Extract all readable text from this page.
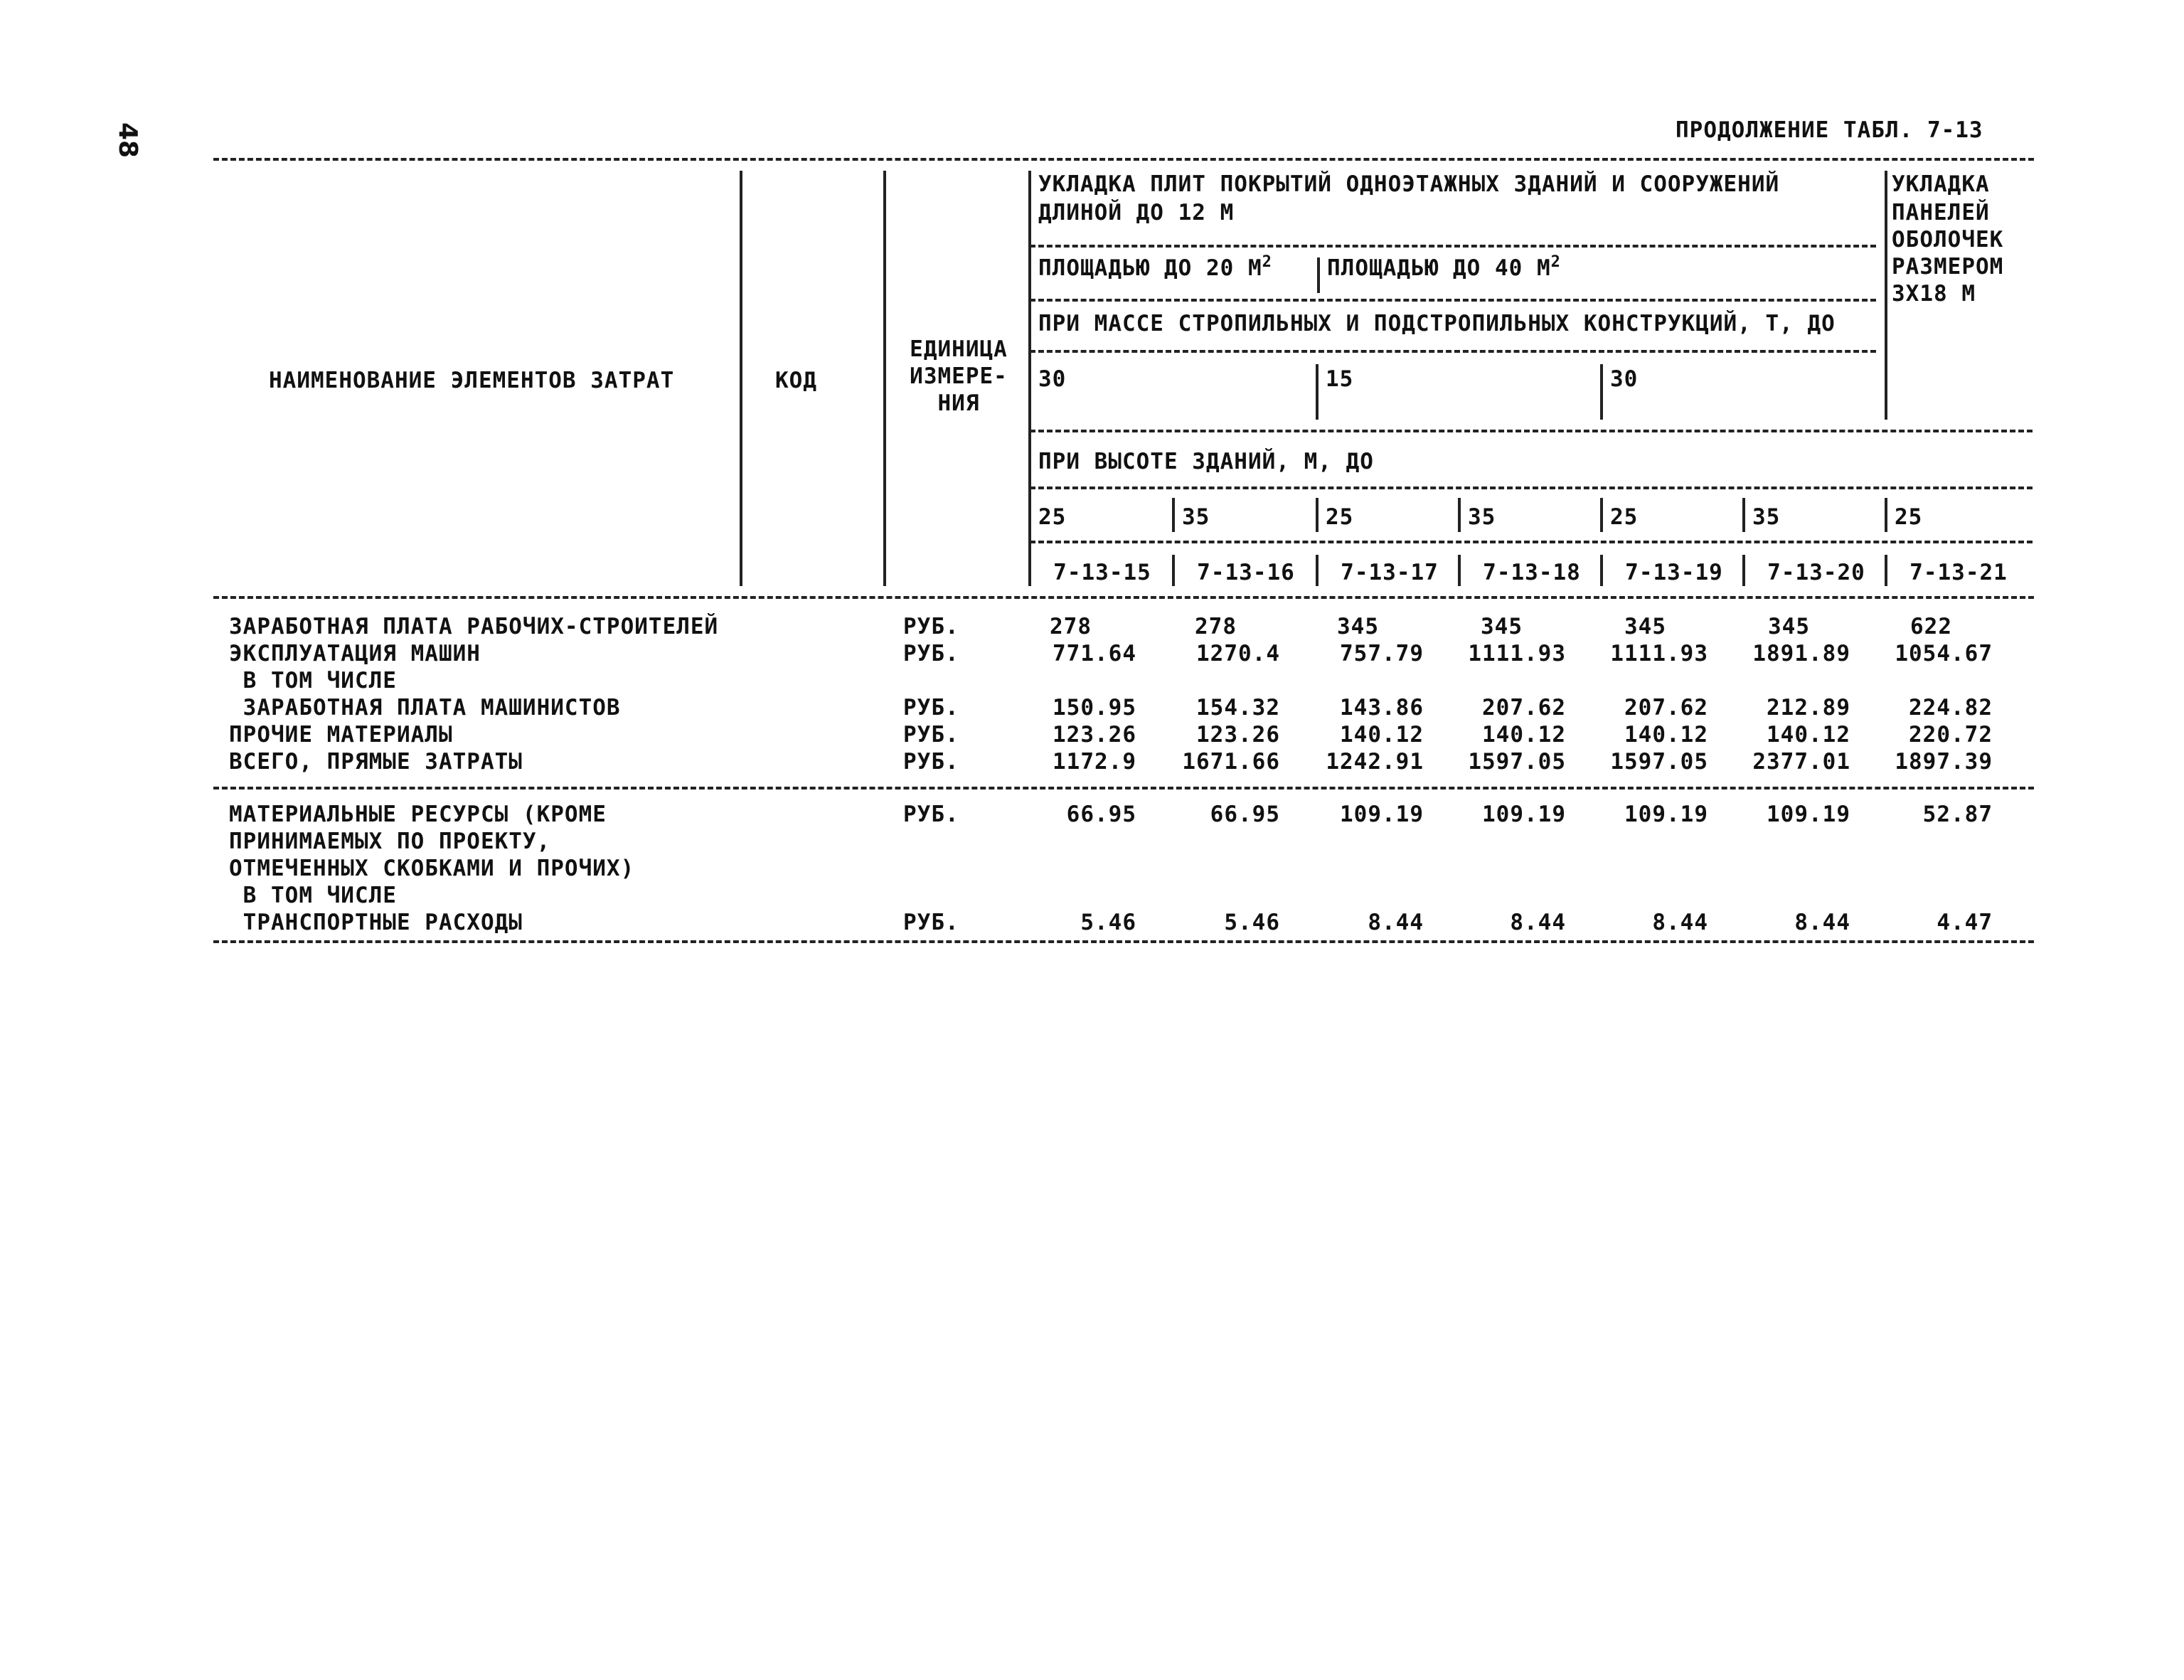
48	ПРОДОЛЖЕНИЕ ТАБЛ. 7-13
НАИМЕНОВАНИЕ ЭЛЕМЕНТОВ ЗАТРАТ	КОД
ЕДИНИЦА
ИЗМЕРЕ-
НИЯ
УКЛАДКА ПЛИТ ПОКРЫТИЙ ОДНОЭТАЖНЫХ ЗДАНИЙ И СООРУЖЕНИЙ
ДЛИНОЙ ДО 12 М
УКЛАДКА
ПАНЕЛЕЙ
ОБОЛОЧЕК
РАЗМЕРОМ
3Х18 М
ПЛОЩАДЬЮ ДО 20 $М^2$ ПЛОЩАДЬЮ ДО 40 $М^2$
ПРИ МАССЕ СТРОПИЛЬНЫХ И ПОДСТРОПИЛЬНЫХ КОНСТРУКЦИЙ, Т, ДО
30	15	30
ПРИ ВЫСОТЕ ЗДАНИЙ, М, ДО
25	35	25	35	25	35	25
7-13-15	7-13-16	7-13-17	7-13-18	7-13-19	7-13-20	7-13-21
ЗАРАБОТНАЯ ПЛАТА РАБОЧИХ-СТРОИТЕЛЕЙ	РУБ.	278	278	345	345	345	345	622
ЭКСПЛУАТАЦИЯ МАШИН	РУБ.	771.64	1270.4	757.79 1111.93 1111.93 1891.89 1054.67
В ТОМ ЧИСЛЕ
ЗАРАБОТНАЯ ПЛАТА МАШИНИСТОВ	РУБ.	150.95	154.32	143.86	207.62	207.62	212.89	224.82
ПРОЧИЕ МАТЕРИАЛЫ	РУБ.	123.26	123.26	140.12	140.12	140.12	140.12	220.72
ВСЕГО, ПРЯМЫЕ ЗАТРАТЫ	РУБ.	1172.9 1671.66 1242.91 1597.05 1597.05 2377.01 1897.39
МАТЕРИАЛЬНЫЕ РЕСУРСЫ (КРОМЕ	РУБ.	66.95	66.95	109.19	109.19	109.19	109.19	52.87
ПРИНИМАЕМЫХ ПО ПРОЕКТУ,
ОТМЕЧЕННЫХ СКОБКАМИ И ПРОЧИХ)
В ТОМ ЧИСЛЕ
ТРАНСПОРТНЫЕ РАСХОДЫ	РУБ.	5.46	5.46	8.44	8.44	8.44	8.44	4.47
